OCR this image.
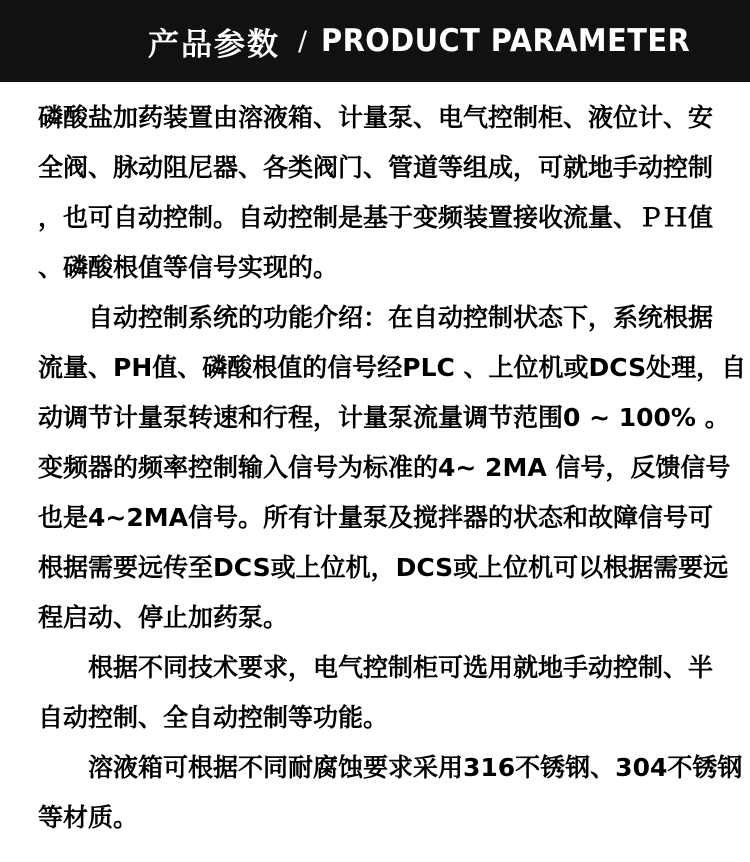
产品参数 / PRODUCT PARAMETER
磷酸盐加药装置由溶液箱、计量泵、电气控制柜、液位计、安
全阀、脉动阻尼器、各类阀门、管道等组成，可就地手动控制
，也可自动控制。自动控制是基于变频装置接收流量、ＰＨ值
、磷酸根值等信号实现的。
　　自动控制系统的功能介绍：在自动控制状态下，系统根据
流量、PH值、磷酸根值的信号经PLC 、上位机或DCS处理，自
动调节计量泵转速和行程，计量泵流量调节范围0 ~ 100% 。
变频器的频率控制输入信号为标准的4~ 2MA 信号，反馈信号
也是4~2MA信号。所有计量泵及搅拌器的状态和故障信号可
根据需要远传至DCS或上位机，DCS或上位机可以根据需要远
程启动、停止加药泵。
　　根据不同技术要求，电气控制柜可选用就地手动控制、半
自动控制、全自动控制等功能。
　　溶液箱可根据不同耐腐蚀要求采用316不锈钢、304不锈钢
等材质。
